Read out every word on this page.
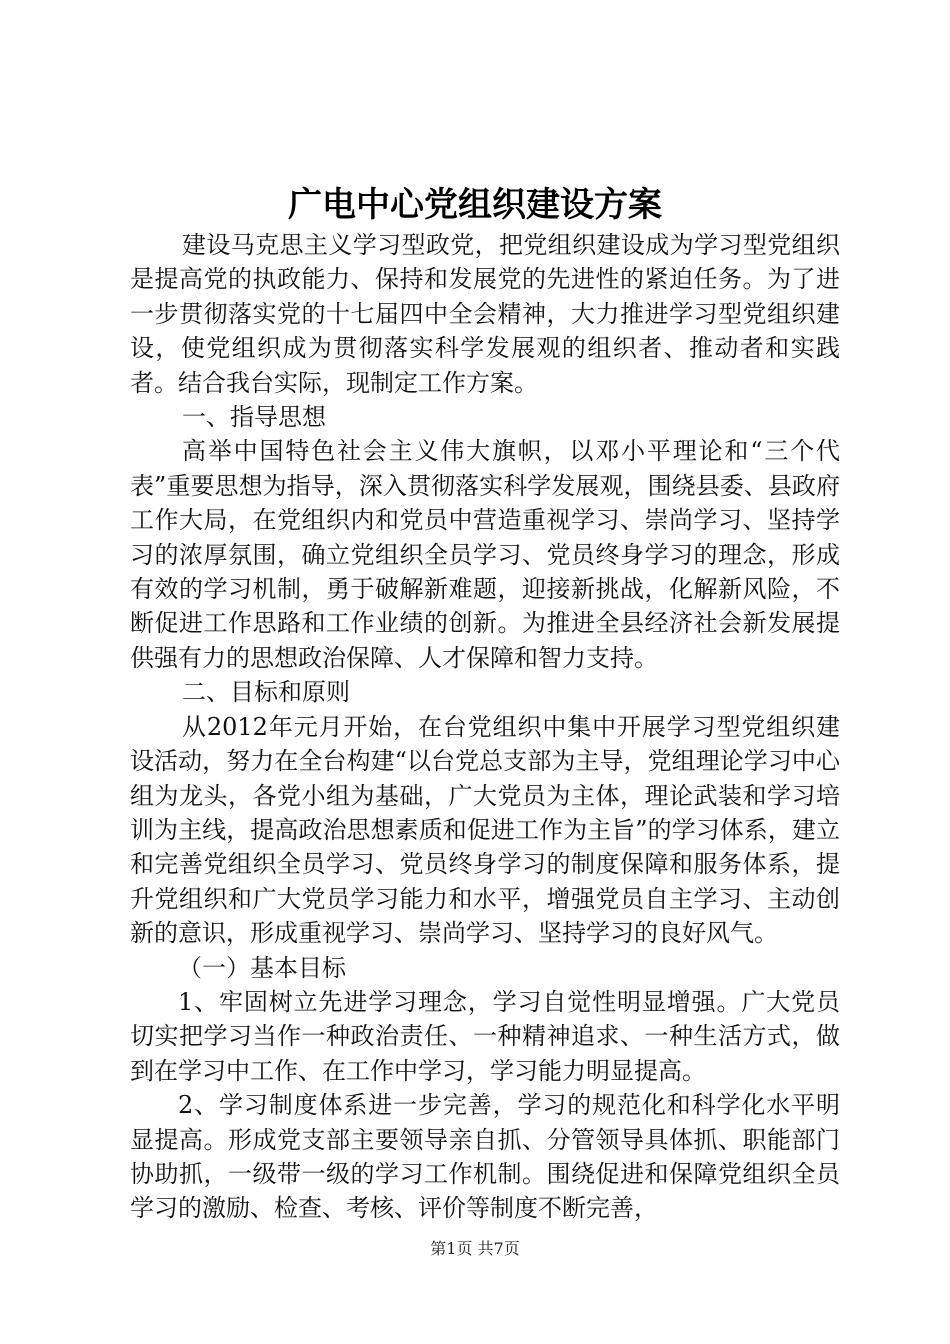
广电中心党组织建设方案

建设马克思主义学习型政党，把党组织建设成为学习型党组织是提高党的执政能力、保持和发展党的先进性的紧迫任务。为了进一步贯彻落实党的十七届四中全会精神，大力推进学习型党组织建设，使党组织成为贯彻落实科学发展观的组织者、推动者和实践者。结合我台实际，现制定工作方案。

一、指导思想

高举中国特色社会主义伟大旗帜，以邓小平理论和“三个代表”重要思想为指导，深入贯彻落实科学发展观，围绕县委、县政府工作大局，在党组织内和党员中营造重视学习、崇尚学习、坚持学习的浓厚氛围，确立党组织全员学习、党员终身学习的理念，形成有效的学习机制，勇于破解新难题，迎接新挑战，化解新风险，不断促进工作思路和工作业绩的创新。为推进全县经济社会新发展提供强有力的思想政治保障、人才保障和智力支持。

二、目标和原则

从2012年元月开始，在台党组织中集中开展学习型党组织建设活动，努力在全台构建“以台党总支部为主导，党组理论学习中心组为龙头，各党小组为基础，广大党员为主体，理论武装和学习培训为主线，提高政治思想素质和促进工作为主旨”的学习体系，建立和完善党组织全员学习、党员终身学习的制度保障和服务体系，提升党组织和广大党员学习能力和水平，增强党员自主学习、主动创新的意识，形成重视学习、崇尚学习、坚持学习的良好风气。

（一）基本目标

1、牢固树立先进学习理念，学习自觉性明显增强。广大党员切实把学习当作一种政治责任、一种精神追求、一种生活方式，做到在学习中工作、在工作中学习，学习能力明显提高。

2、学习制度体系进一步完善，学习的规范化和科学化水平明显提高。形成党支部主要领导亲自抓、分管领导具体抓、职能部门协助抓，一级带一级的学习工作机制。围绕促进和保障党组织全员学习的激励、检查、考核、评价等制度不断完善，

第1页 共7页
